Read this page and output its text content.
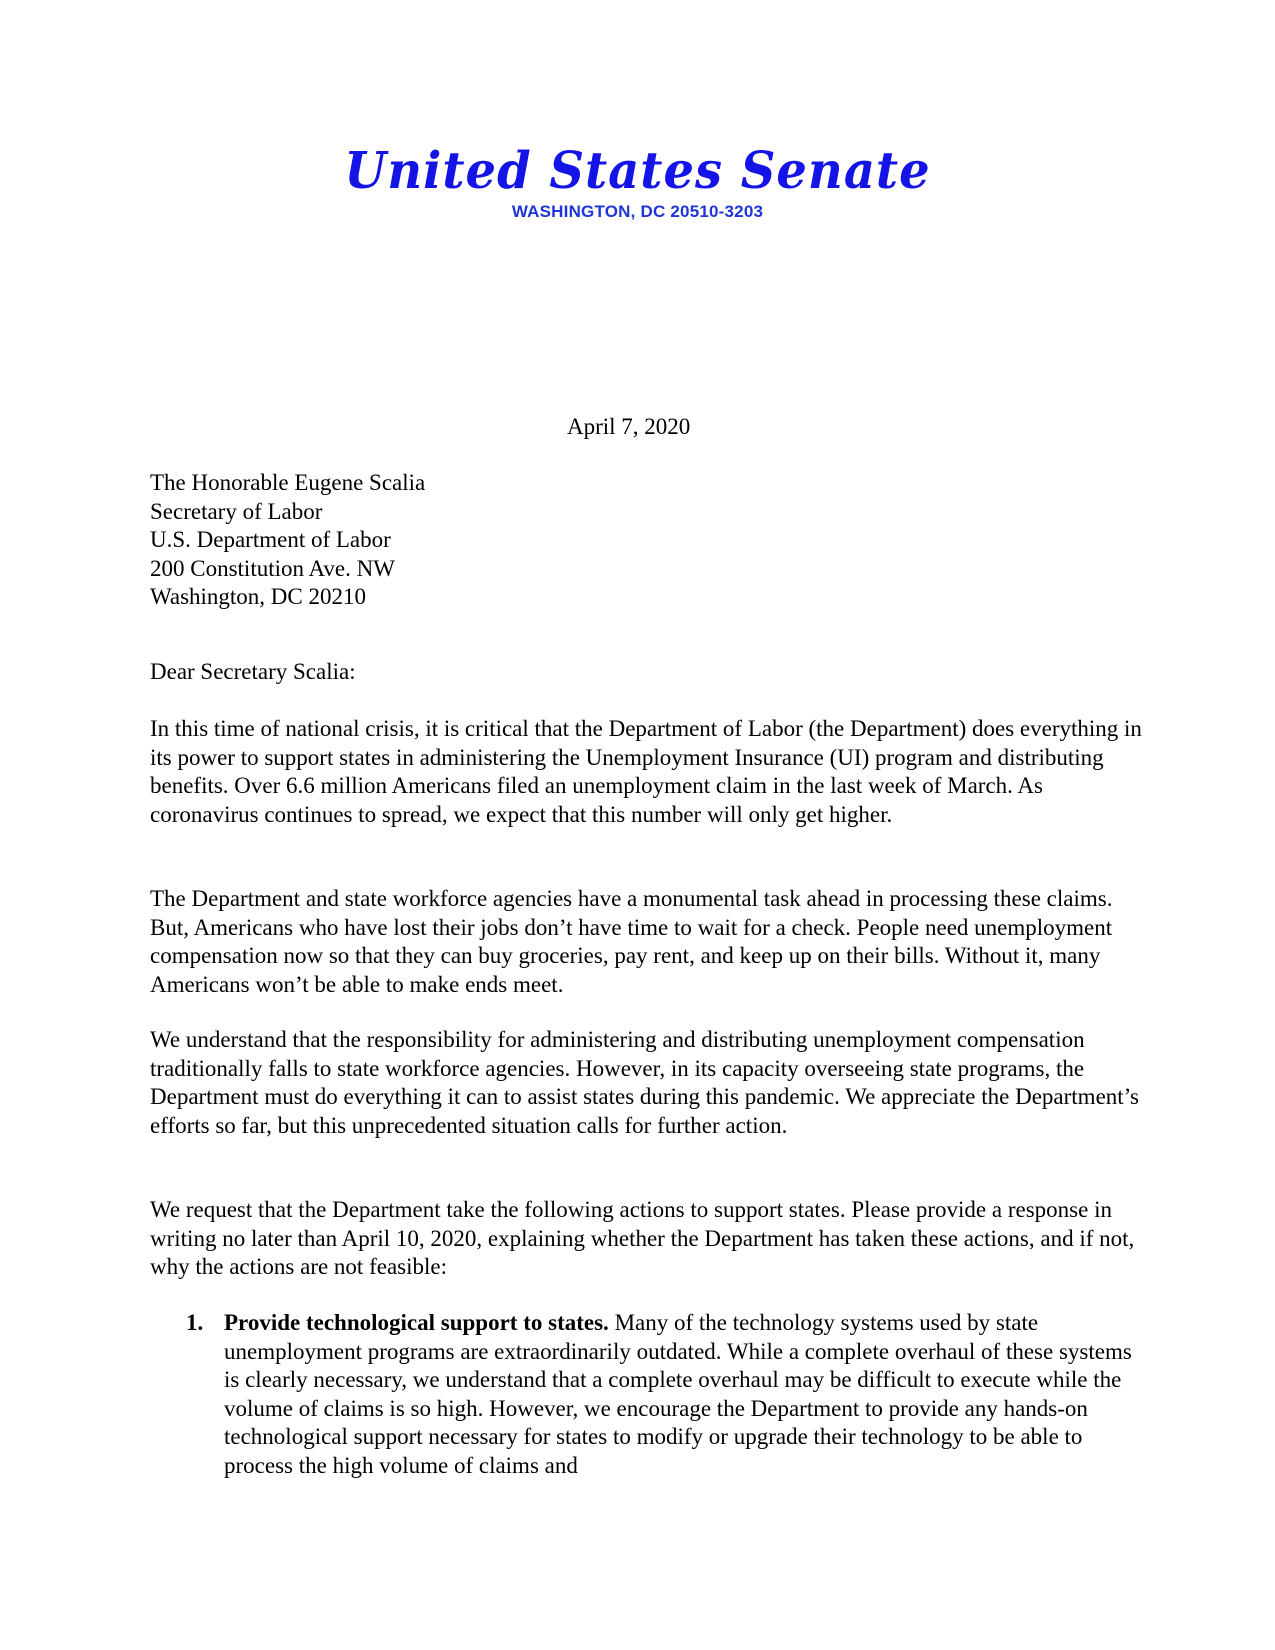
United States Senate
WASHINGTON, DC 20510-3203
April 7, 2020
The Honorable Eugene Scalia
Secretary of Labor
U.S. Department of Labor
200 Constitution Ave. NW
Washington, DC 20210
Dear Secretary Scalia:

In this time of national crisis, it is critical that the Department of Labor (the Department) does everything in its power to support states in administering the Unemployment Insurance (UI) program and distributing benefits. Over 6.6 million Americans filed an unemployment claim in the last week of March. As coronavirus continues to spread, we expect that this number will only get higher.

The Department and state workforce agencies have a monumental task ahead in processing these claims. But, Americans who have lost their jobs don’t have time to wait for a check. People need unemployment compensation now so that they can buy groceries, pay rent, and keep up on their bills. Without it, many Americans won’t be able to make ends meet.

We understand that the responsibility for administering and distributing unemployment compensation traditionally falls to state workforce agencies. However, in its capacity overseeing state programs, the Department must do everything it can to assist states during this pandemic. We appreciate the Department’s efforts so far, but this unprecedented situation calls for further action.

We request that the Department take the following actions to support states. Please provide a response in writing no later than April 10, 2020, explaining whether the Department has taken these actions, and if not, why the actions are not feasible:

1. Provide technological support to states. Many of the technology systems used by state unemployment programs are extraordinarily outdated. While a complete overhaul of these systems is clearly necessary, we understand that a complete overhaul may be difficult to execute while the volume of claims is so high. However, we encourage the Department to provide any hands-on technological support necessary for states to modify or upgrade their technology to be able to process the high volume of claims and
